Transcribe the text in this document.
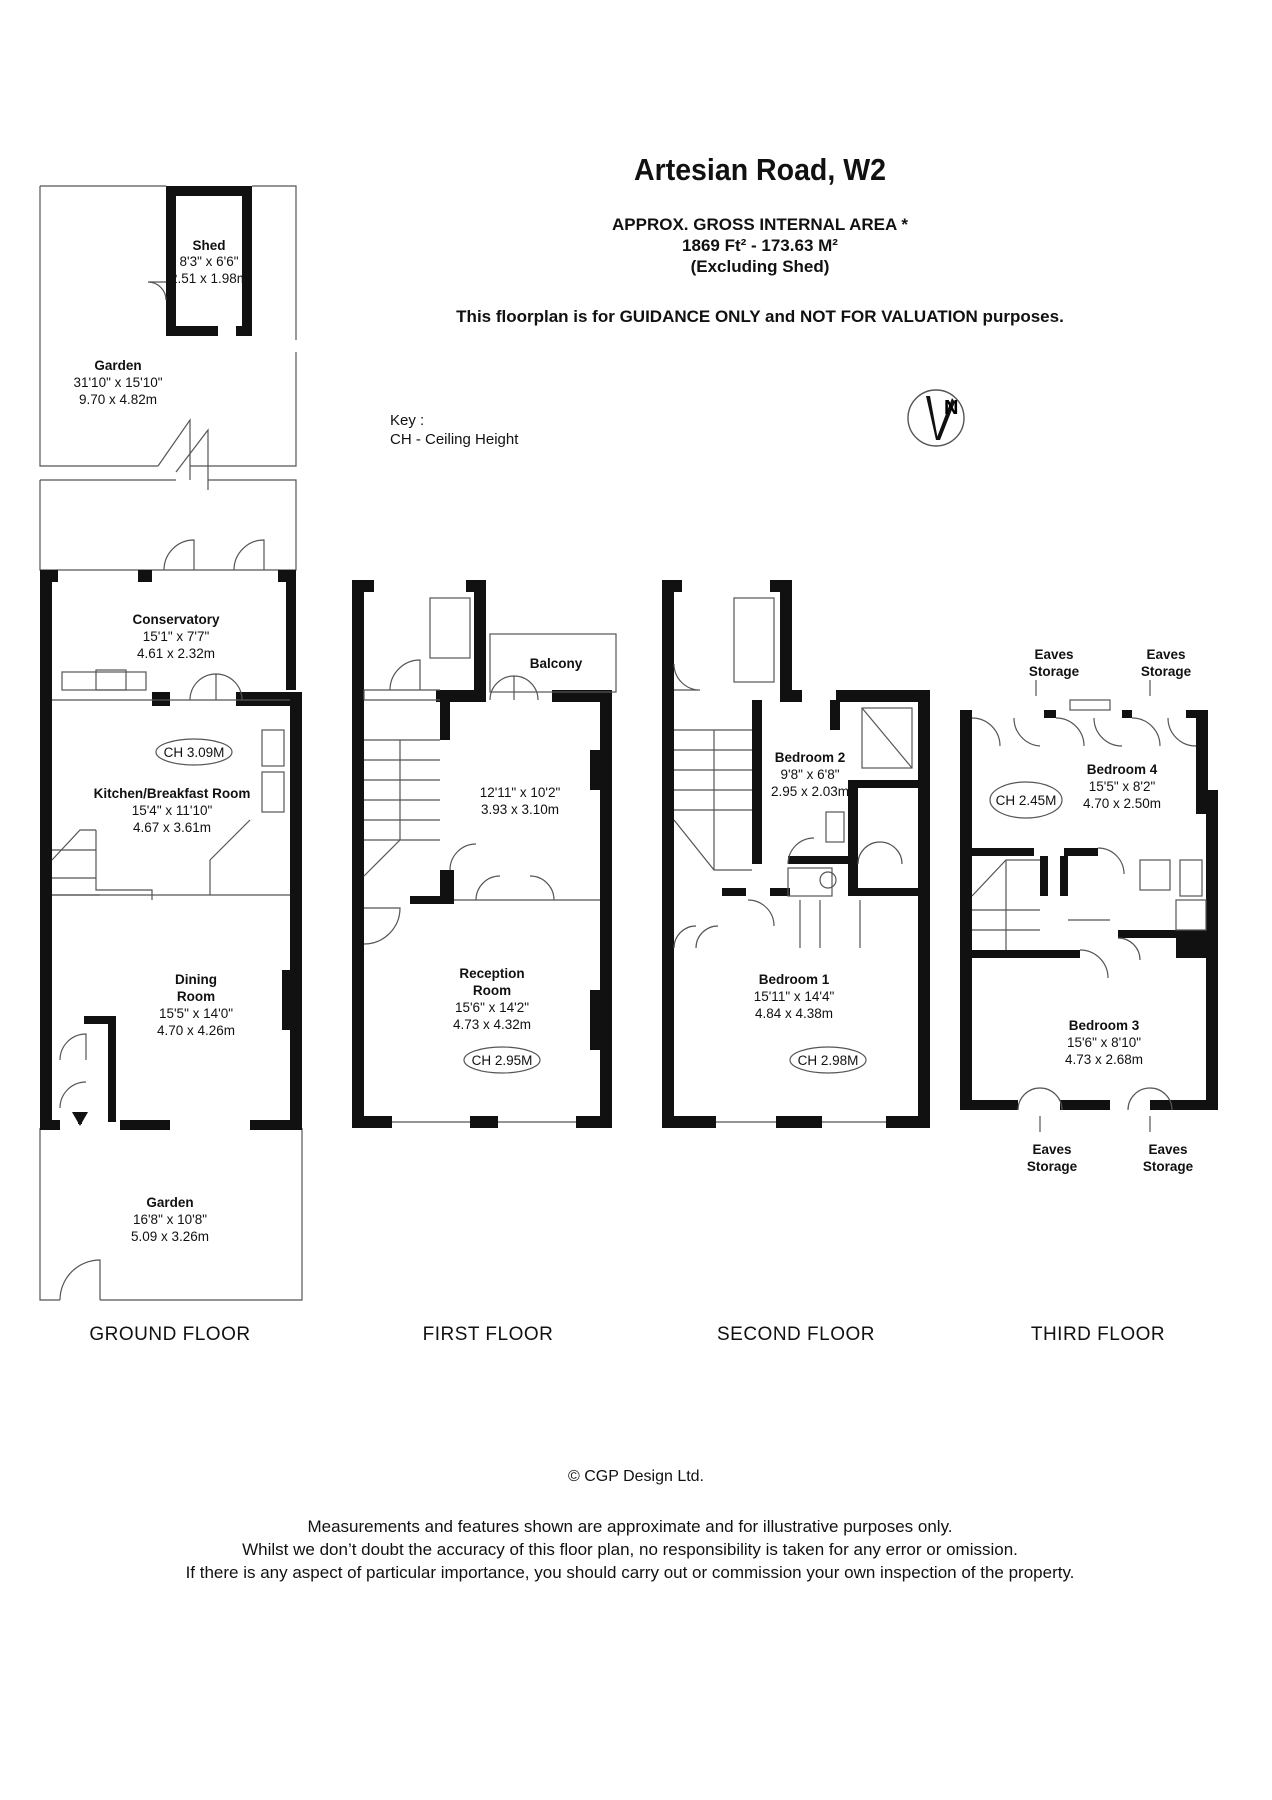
Artesian Road, W2
APPROX. GROSS INTERNAL AREA *
1869 Ft² - 173.63 M²
(Excluding Shed)
This floorplan is for GUIDANCE ONLY and NOT FOR VALUATION purposes.
Key :
CH - Ceiling Height
N
Shed
8'3" x 6'6"
2.51 x 1.98m
Garden
31'10" x 15'10"
9.70 x 4.82m
Conservatory
15'1" x 7'7"
4.61 x 2.32m
CH 3.09M
Kitchen/Breakfast Room
15'4" x 11'10"
4.67 x 3.61m
Dining
Room
15'5" x 14'0"
4.70 x 4.26m
Garden
16'8" x 10'8"
5.09 x 3.26m
Balcony
12'11" x 10'2"
3.93 x 3.10m
Reception
Room
15'6" x 14'2"
4.73 x 4.32m
CH 2.95M
Bedroom 2
9'8" x 6'8"
2.95 x 2.03m
Bedroom 1
15'11" x 14'4"
4.84 x 4.38m
CH 2.98M
Eaves
Storage
Eaves
Storage
Bedroom 4
15'5" x 8'2"
4.70 x 2.50m
CH 2.45M
Bedroom 3
15'6" x 8'10"
4.73 x 2.68m
Eaves
Storage
Eaves
Storage
GROUND FLOOR	FIRST FLOOR	SECOND FLOOR	THIRD FLOOR
© CGP Design Ltd.
Measurements and features shown are approximate and for illustrative purposes only.
Whilst we don’t doubt the accuracy of this floor plan, no responsibility is taken for any error or omission.
If there is any aspect of particular importance, you should carry out or commission your own inspection of the property.
